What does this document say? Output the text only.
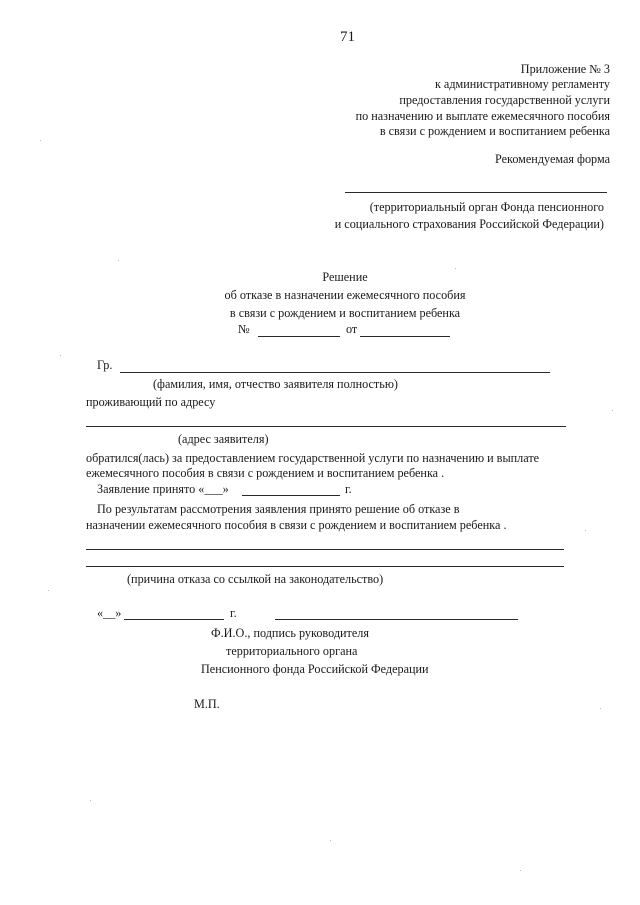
71
Приложение № 3
к административному регламенту
предоставления государственной услуги
по назначению и выплате ежемесячного пособия
в связи с рождением и воспитанием ребенка
Рекомендуемая форма
(территориальный орган Фонда пенсионного
и социального страхования Российской Федерации)
Решение
об отказе в назначении ежемесячного пособия
в связи с рождением и воспитанием ребенка
№	от
Гр.
(фамилия, имя, отчество заявителя полностью)
проживающий по адресу
(адрес заявителя)
обратился(лась) за предоставлением государственной услуги по назначению и выплате
ежемесячного пособия в связи с рождением и воспитанием ребенка .
Заявление принято «___»	г.
По результатам рассмотрения заявления принято решение об отказе в
назначении ежемесячного пособия в связи с рождением и воспитанием ребенка .
(причина отказа со ссылкой на законодательство)
«__»	г.
Ф.И.О., подпись руководителя
территориального органа
Пенсионного фонда Российской Федерации
М.П.
